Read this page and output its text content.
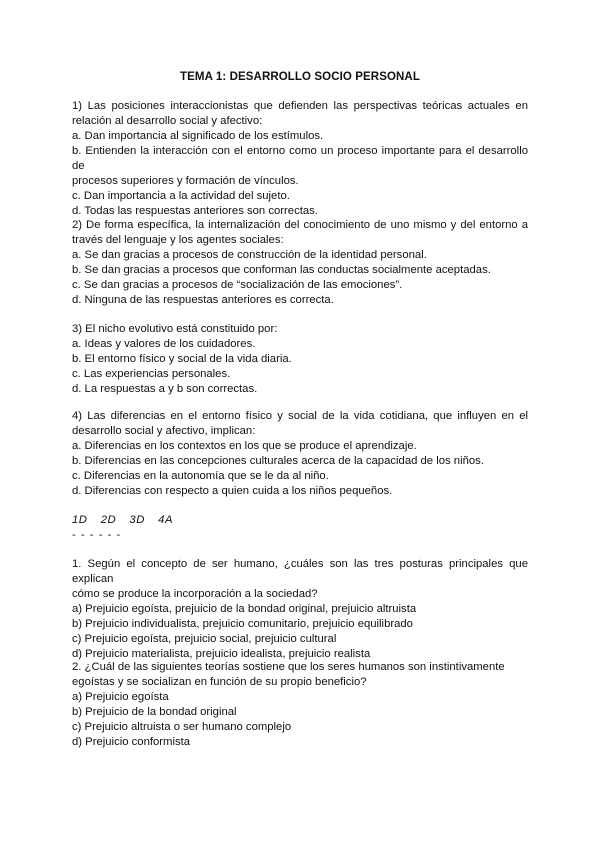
TEMA 1: DESARROLLO SOCIO PERSONAL

1) Las posiciones interaccionistas que defienden las perspectivas teóricas actuales en

relación al desarrollo social y afectivo:

a. Dan importancia al significado de los estímulos.

b. Entienden la interacción con el entorno como un proceso importante para el desarrollo de

procesos superiores y formación de vínculos.

c. Dan importancia a la actividad del sujeto.

d. Todas las respuestas anteriores son correctas.

2) De forma específica, la internalización del conocimiento de uno mismo y del entorno a

través del lenguaje y los agentes sociales:

a. Se dan gracias a procesos de construcción de la identidad personal.

b. Se dan gracias a procesos que conforman las conductas socialmente aceptadas.

c. Se dan gracias a procesos de “socialización de las emociones”.

d. Ninguna de las respuestas anteriores es correcta.

3) El nicho evolutivo está constituido por:

a. Ideas y valores de los cuidadores.

b. El entorno físico y social de la vida diaria.

c. Las experiencias personales.

d. La respuestas a y b son correctas.

4) Las diferencias en el entorno físico y social de la vida cotidiana, que influyen en el

desarrollo social y afectivo, implican:

a. Diferencias en los contextos en los que se produce el aprendizaje.

b. Diferencias en las concepciones culturales acerca de la capacidad de los niños.

c. Diferencias en la autonomía que se le da al niño.

d. Diferencias con respecto a quien cuida a los niños pequeños.

1D  2D  3D  4A

- - - - - -

1. Según el concepto de ser humano, ¿cuáles son las tres posturas principales que explican

cómo se produce la incorporación a la sociedad?

a) Prejuicio egoísta, prejuicio de la bondad original, prejuicio altruista

b) Prejuicio individualista, prejuicio comunitario, prejuicio equilibrado

c) Prejuicio egoísta, prejuicio social, prejuicio cultural

d) Prejuicio materialista, prejuicio idealista, prejuicio realista

2. ¿Cuál de las siguientes teorías sostiene que los seres humanos son instintivamente

egoístas y se socializan en función de su propio beneficio?

a) Prejuicio egoísta

b) Prejuicio de la bondad original

c) Prejuicio altruista o ser humano complejo

d) Prejuicio conformista
